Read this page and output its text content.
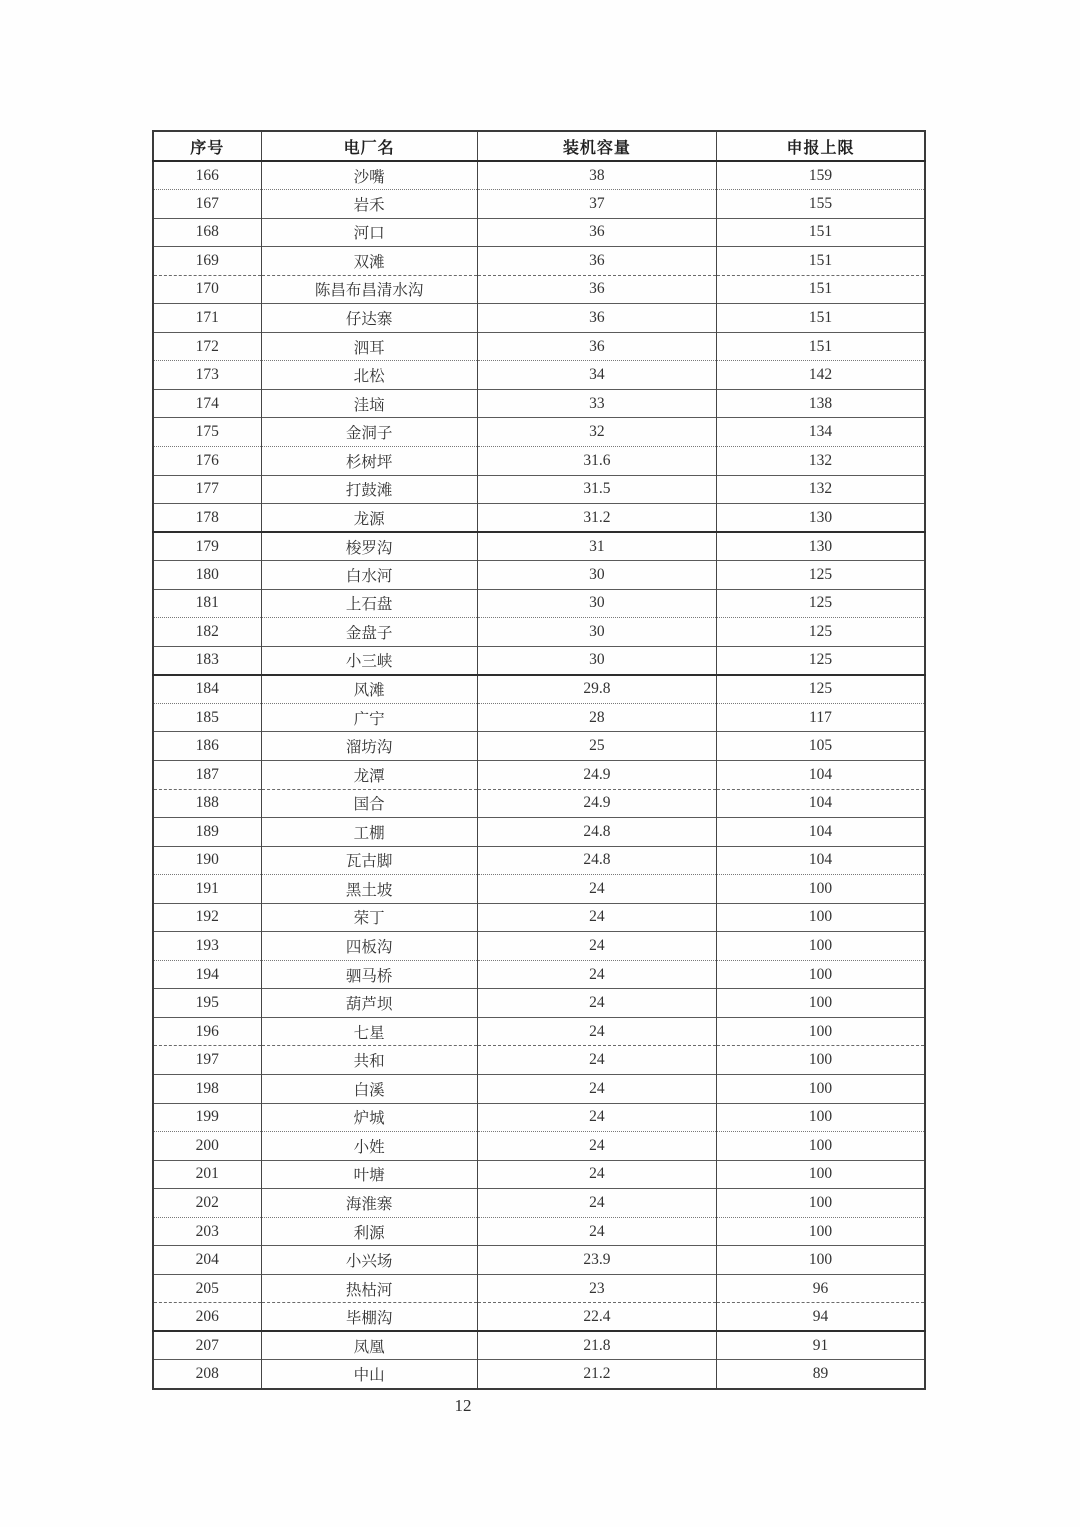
序号	电厂名	装机容量	申报上限
166	沙嘴	38	159
167	岩禾	37	155
168	河口	36	151
169	双滩	36	151
170	陈昌布昌清水沟	36	151
171	仔达寨	36	151
172	泗耳	36	151
173	北松	34	142
174	洼垴	33	138
175	金洞子	32	134
176	杉树坪	31.6	132
177	打鼓滩	31.5	132
178	龙源	31.2	130
179	梭罗沟	31	130
180	白水河	30	125
181	上石盘	30	125
182	金盘子	30	125
183	小三峡	30	125
184	风滩	29.8	125
185	广宁	28	117
186	溜坊沟	25	105
187	龙潭	24.9	104
188	国合	24.9	104
189	工棚	24.8	104
190	瓦古脚	24.8	104
191	黑土坡	24	100
192	荣丁	24	100
193	四板沟	24	100
194	驷马桥	24	100
195	葫芦坝	24	100
196	七星	24	100
197	共和	24	100
198	白溪	24	100
199	炉城	24	100
200	小姓	24	100
201	叶塘	24	100
202	海淮寨	24	100
203	利源	24	100
204	小兴场	23.9	100
205	热枯河	23	96
206	毕棚沟	22.4	94
207	凤凰	21.8	91
208	中山	21.2	89
12
